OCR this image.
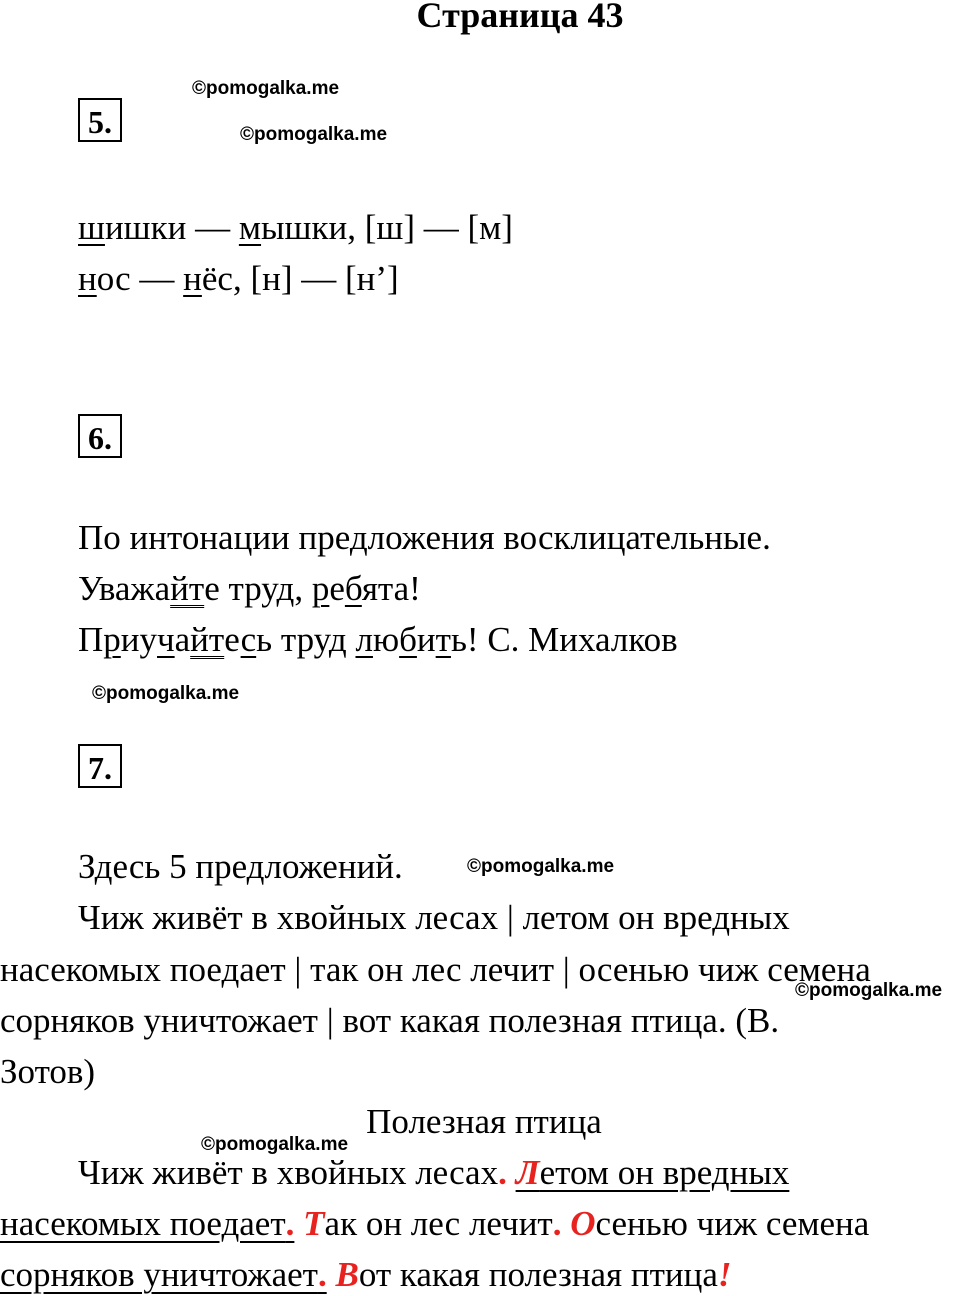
Страница 43
5.
©pomogalka.me
©pomogalka.me
шишки — мышки, [ш] — [м]
нос — нёс, [н] — [н’]
6.
По интонации предложения восклицательные.
Уважайте труд, ребята!
Приучайтесь труд любить! С. Михалков
©pomogalka.me
7.
Здесь 5 предложений.	©pomogalka.me
Чиж живёт в хвойных лесах | летом он вредных
насекомых поедает | так он лес лечит | осенью чиж семена
©pomogalka.me
сорняков уничтожает | вот какая полезная птица. (В.
Зотов)
Полезная птица
©pomogalka.me
Чиж живёт в хвойных лесах. Летом он вредных
насекомых поедает. Так он лес лечит. Осенью чиж семена
сорняков уничтожает. Вот какая полезная птица!
